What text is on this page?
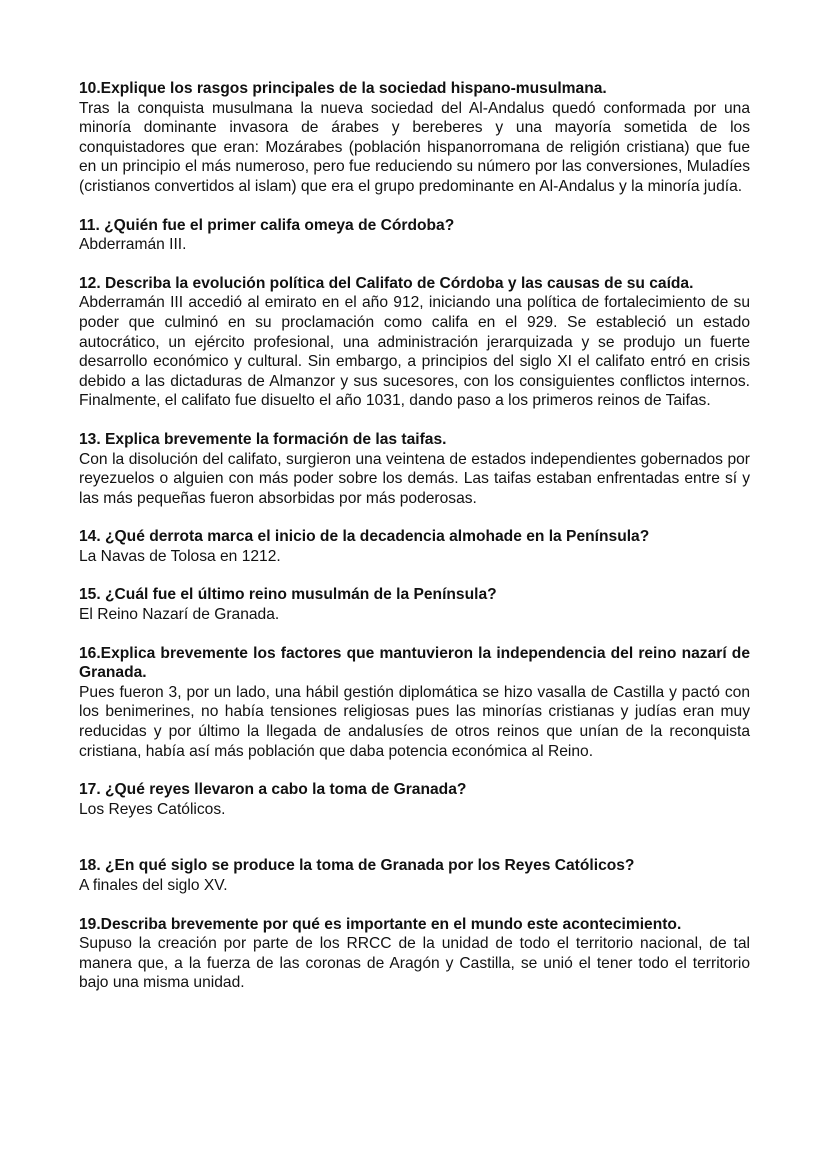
10.Explique los rasgos principales de la sociedad hispano-musulmana.

Tras la conquista musulmana la nueva sociedad del Al-Andalus quedó conformada por una minoría dominante invasora de árabes y bereberes y una mayoría sometida de los conquistadores que eran: Mozárabes (población hispanorromana de religión cristiana) que fue en un principio el más numeroso, pero fue reduciendo su número por las conversiones, Muladíes (cristianos convertidos al islam) que era el grupo predominante en Al-Andalus y la minoría judía.

11. ¿Quién fue el primer califa omeya de Córdoba?

Abderramán III.

12. Describa la evolución política del Califato de Córdoba y las causas de su caída.

Abderramán III accedió al emirato en el año 912, iniciando una política de fortalecimiento de su poder que culminó en su proclamación como califa en el 929. Se estableció un estado autocrático, un ejército profesional, una administración jerarquizada y se produjo un fuerte desarrollo económico y cultural. Sin embargo, a principios del siglo XI el califato entró en crisis debido a las dictaduras de Almanzor y sus sucesores, con los consiguientes conflictos internos. Finalmente, el califato fue disuelto el año 1031, dando paso a los primeros reinos de Taifas.

13. Explica brevemente la formación de las taifas.

Con la disolución del califato, surgieron una veintena de estados independientes gobernados por reyezuelos o alguien con más poder sobre los demás. Las taifas estaban enfrentadas entre sí y las más pequeñas fueron absorbidas por más poderosas.

14. ¿Qué derrota marca el inicio de la decadencia almohade en la Península?

La Navas de Tolosa en 1212.

15. ¿Cuál fue el último reino musulmán de la Península?

El Reino Nazarí de Granada.

16.Explica brevemente los factores que mantuvieron la independencia del reino nazarí de Granada.

Pues fueron 3, por un lado, una hábil gestión diplomática se hizo vasalla de Castilla y pactó con los benimerines, no había tensiones religiosas pues las minorías cristianas y judías eran muy reducidas y por último la llegada de andalusíes de otros reinos que unían de la reconquista cristiana, había así más población que daba potencia económica al Reino.

17. ¿Qué reyes llevaron a cabo la toma de Granada?

Los Reyes Católicos.

18. ¿En qué siglo se produce la toma de Granada por los Reyes Católicos?

A finales del siglo XV.

19.Describa brevemente por qué es importante en el mundo este acontecimiento.

Supuso la creación por parte de los RRCC de la unidad de todo el territorio nacional, de tal manera que, a la fuerza de las coronas de Aragón y Castilla, se unió el tener todo el territorio bajo una misma unidad.
